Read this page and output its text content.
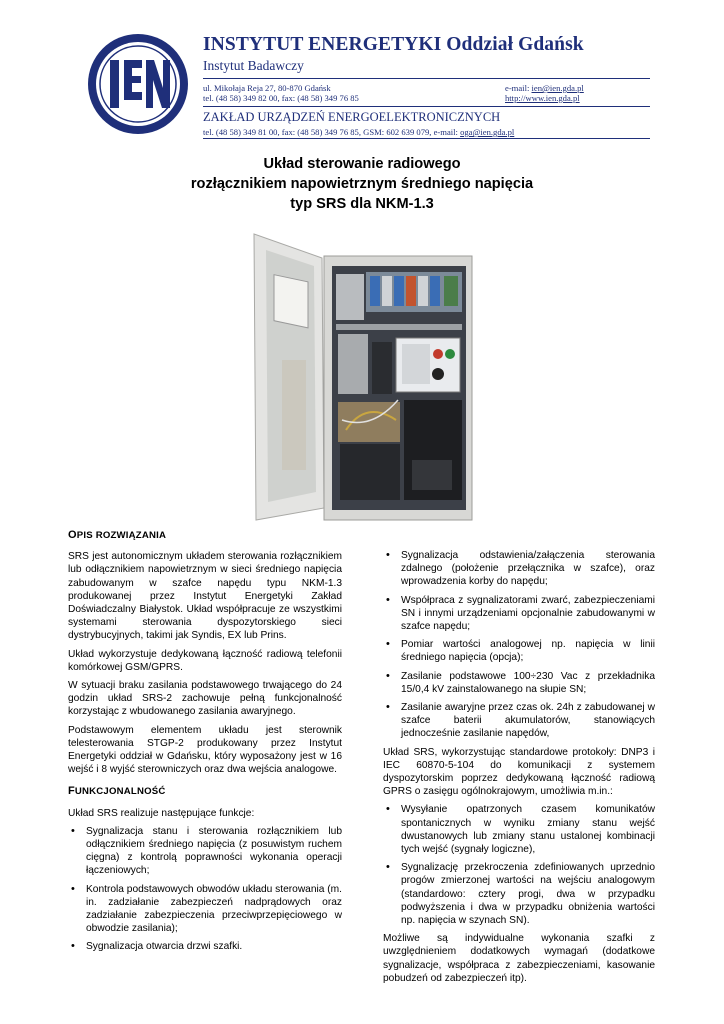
INSTYTUT ENERGETYKI Oddział Gdańsk
Instytut Badawczy
ul. Mikołaja Reja 27, 80-870 Gdańsk
tel. (48 58) 349 82 00, fax: (48 58) 349 76 85
e-mail: ien@ien.gda.pl
http://www.ien.gda.pl
ZAKŁAD URZĄDZEŃ ENERGOELEKTRONICZNYCH
tel. (48 58) 349 81 00, fax: (48 58) 349 76 85, GSM: 602 639 079, e-mail: oga@ien.gda.pl
Układ sterowanie radiowego
rozłącznikiem napowietrznym średniego napięcia
typ SRS dla NKM-1.3
OPIS ROZWIĄZANIA

SRS jest autonomicznym układem sterowania rozłącznikiem lub odłącznikiem napowietrznym w sieci średniego napięcia zabudowanym w szafce napędu typu NKM-1.3 produkowanej przez Instytut Energetyki Zakład Doświadczalny Białystok. Układ współpracuje ze wszystkimi systemami sterowania dyspozytorskiego sieci dystrybucyjnych, takimi jak Syndis, EX lub Prins.

Układ wykorzystuje dedykowaną łączność radiową telefonii komórkowej GSM/GPRS.

W sytuacji braku zasilania podstawowego trwającego do 24 godzin układ SRS-2 zachowuje pełną funkcjonalność korzystając z wbudowanego zasilania awaryjnego.

Podstawowym elementem układu jest sterownik telesterowania STGP-2 produkowany przez Instytut Energetyki oddział w Gdańsku, który wyposażony jest w 16 wejść i 8 wyjść sterowniczych oraz dwa wejścia analogowe.

FUNKCJONALNOŚĆ

Układ SRS realizuje następujące funkcje:

• Sygnalizacja stanu i sterowania rozłącznikiem lub odłącznikiem średniego napięcia (z posuwistym ruchem cięgna) z kontrolą poprawności wykonania operacji łączeniowych;
• Kontrola podstawowych obwodów układu sterowania (m. in. zadziałanie zabezpieczeń nadprądowych oraz zadziałanie zabezpieczenia przeciwprzepięciowego w obwodzie zasilania);
• Sygnalizacja otwarcia drzwi szafki.
• Sygnalizacja odstawienia/załączenia sterowania zdalnego (położenie przełącznika w szafce), oraz wprowadzenia korby do napędu;
• Współpraca z sygnalizatorami zwarć, zabezpieczeniami SN i innymi urządzeniami opcjonalnie zabudowanymi w szafce napędu;
• Pomiar wartości analogowej np. napięcia w linii średniego napięcia (opcja);
• Zasilanie podstawowe 100÷230 Vac z przekładnika 15/0,4 kV zainstalowanego na słupie SN;
• Zasilanie awaryjne przez czas ok. 24h z zabudowanej w szafce baterii akumulatorów, stanowiących jednocześnie zasilanie napędów,

Układ SRS, wykorzystując standardowe protokoły: DNP3 i IEC 60870-5-104 do komunikacji z systemem dyspozytorskim poprzez dedykowaną łączność radiową GPRS o zasięgu ogólnokrajowym, umożliwia m.in.:

• Wysyłanie opatrzonych czasem komunikatów spontanicznych w wyniku zmiany stanu wejść dwustanowych lub zmiany stanu ustalonej kombinacji tych wejść (sygnały logiczne),
• Sygnalizację przekroczenia zdefiniowanych uprzednio progów zmierzonej wartości na wejściu analogowym (standardowo: cztery progi, dwa w przypadku podwyższenia i dwa w przypadku obniżenia wartości np. napięcia w szynach SN).

Możliwe są indywidualne wykonania szafki z uwzględnieniem dodatkowych wymagań (dodatkowe sygnalizacje, współpraca z zabezpieczeniami, kasowanie pobudzeń od zabezpieczeń itp).
